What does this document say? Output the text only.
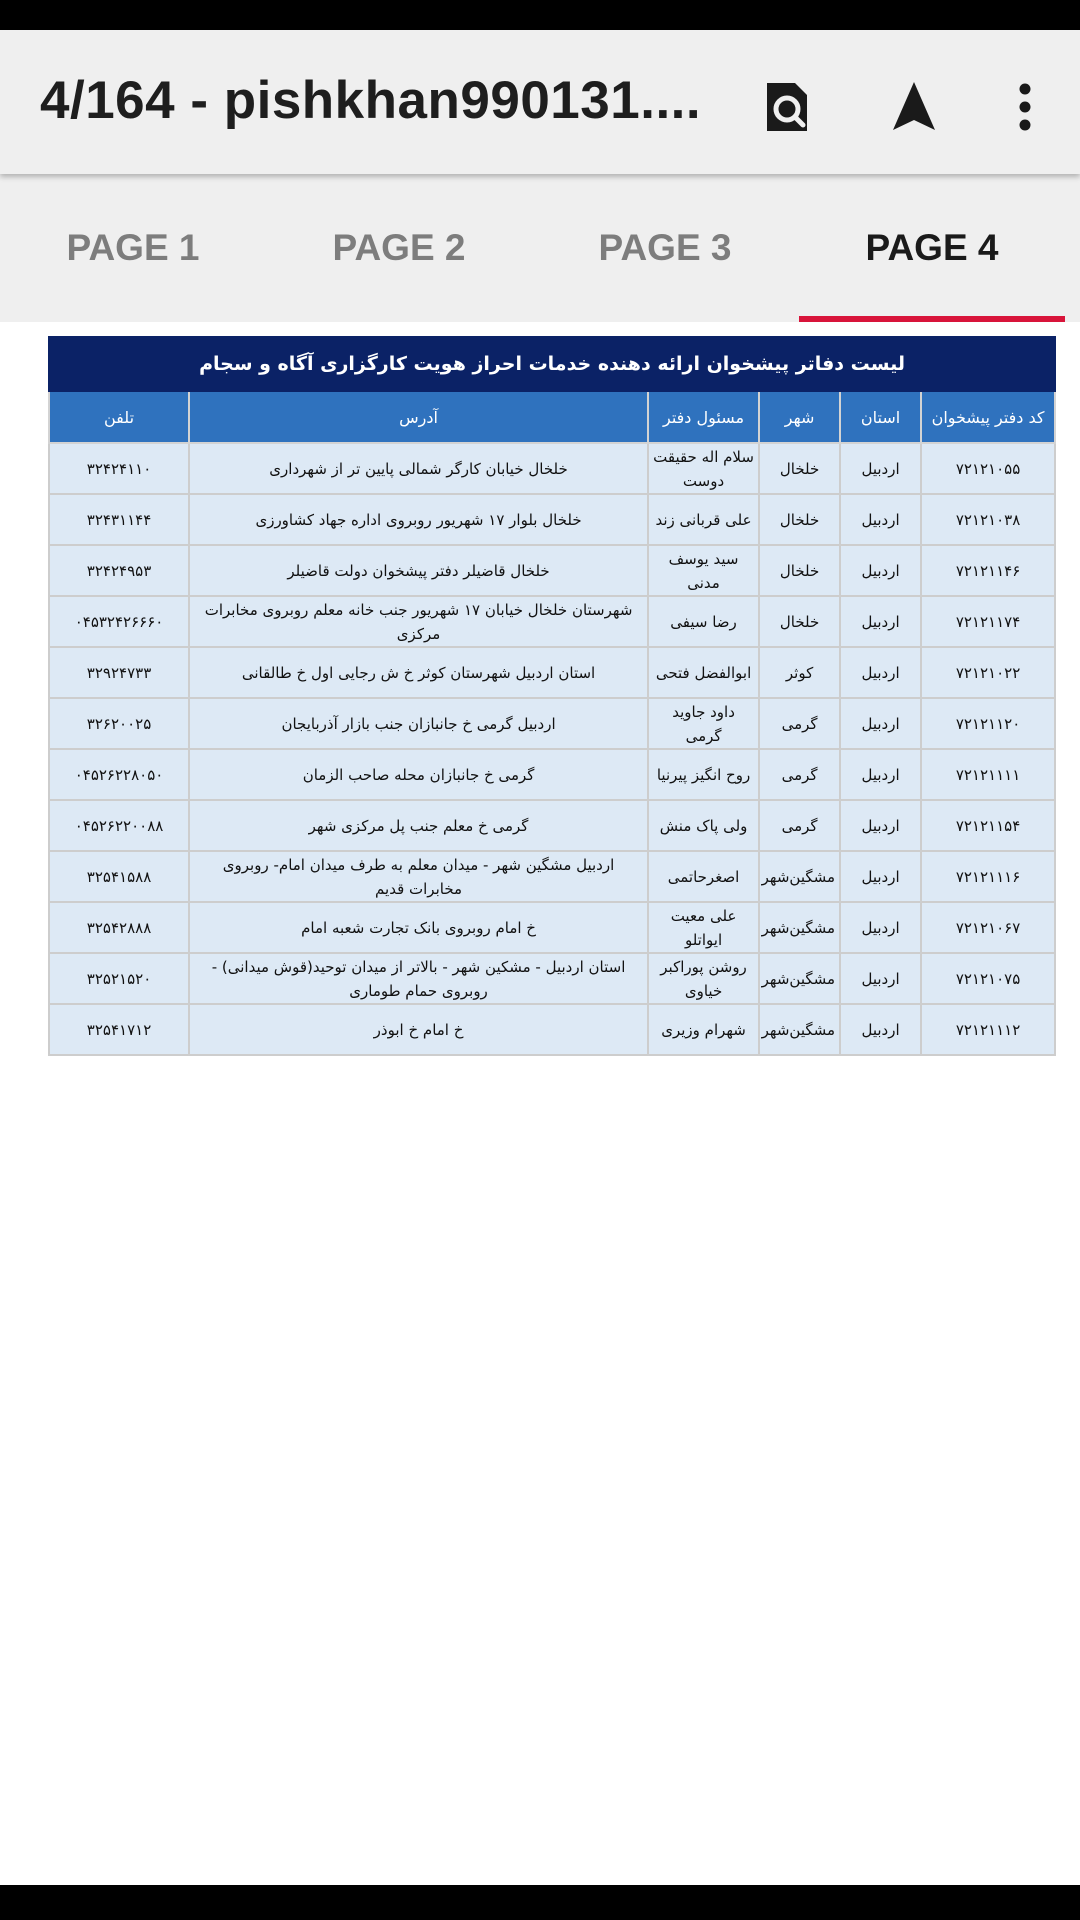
4/164 - pishkhan990131....
PAGE 1	PAGE 2	PAGE 3	PAGE 4
لیست دفاتر پیشخوان ارائه دهنده خدمات احراز هویت کارگزاری آگاه و سجام					
کد دفتر پیشخوان	استان	شهر	مسئول دفتر	آدرس	تلفن
۷۲۱۲۱۰۵۵	اردبیل	خلخال	سلام اله حقیقت دوست	خلخال خیابان کارگر شمالی پایین تر از شهرداری	۳۲۴۲۴۱۱۰
۷۲۱۲۱۰۳۸	اردبیل	خلخال	علی قربانی زند	خلخال بلوار ۱۷ شهریور روبروی اداره جهاد کشاورزی	۳۲۴۳۱۱۴۴
۷۲۱۲۱۱۴۶	اردبیل	خلخال	سید یوسف مدنی	خلخال قاضیلر دفتر پیشخوان دولت قاضیلر	۳۲۴۲۴۹۵۳
۷۲۱۲۱۱۷۴	اردبیل	خلخال	رضا سیفی	شهرستان خلخال خیابان ۱۷ شهریور جنب خانه معلم روبروی مخابرات مرکزی	۰۴۵۳۲۴۲۶۶۶۰
۷۲۱۲۱۰۲۲	اردبیل	کوثر	ابوالفضل فتحی	استان اردبیل شهرستان کوثر خ ش رجایی اول خ طالقانی	۳۲۹۲۴۷۳۳
۷۲۱۲۱۱۲۰	اردبیل	گرمی	داود جاوید گرمی	اردبیل گرمی خ جانبازان جنب بازار آذربایجان	۳۲۶۲۰۰۲۵
۷۲۱۲۱۱۱۱	اردبیل	گرمی	روح انگیز پیرنیا	گرمی خ جانبازان محله صاحب الزمان	۰۴۵۲۶۲۲۸۰۵۰
۷۲۱۲۱۱۵۴	اردبیل	گرمی	ولی پاک منش	گرمی خ معلم جنب پل مرکزی شهر	۰۴۵۲۶۲۲۰۰۸۸
۷۲۱۲۱۱۱۶	اردبیل	مشگین‌شهر	اصغرحاتمی	اردبیل مشگین شهر - میدان معلم به طرف میدان امام- روبروی مخابرات قدیم	۳۲۵۴۱۵۸۸
۷۲۱۲۱۰۶۷	اردبیل	مشگین‌شهر	علی معیت ایواتلو	خ امام روبروی بانک تجارت شعبه امام	۳۲۵۴۲۸۸۸
۷۲۱۲۱۰۷۵	اردبیل	مشگین‌شهر	روشن پوراکبر خیاوی	استان اردبیل - مشکین شهر - بالاتر از میدان توحید(قوش میدانی) - روبروی حمام طوماری	۳۲۵۲۱۵۲۰
۷۲۱۲۱۱۱۲	اردبیل	مشگین‌شهر	شهرام وزیری	خ امام خ ابوذر	۳۲۵۴۱۷۱۲
